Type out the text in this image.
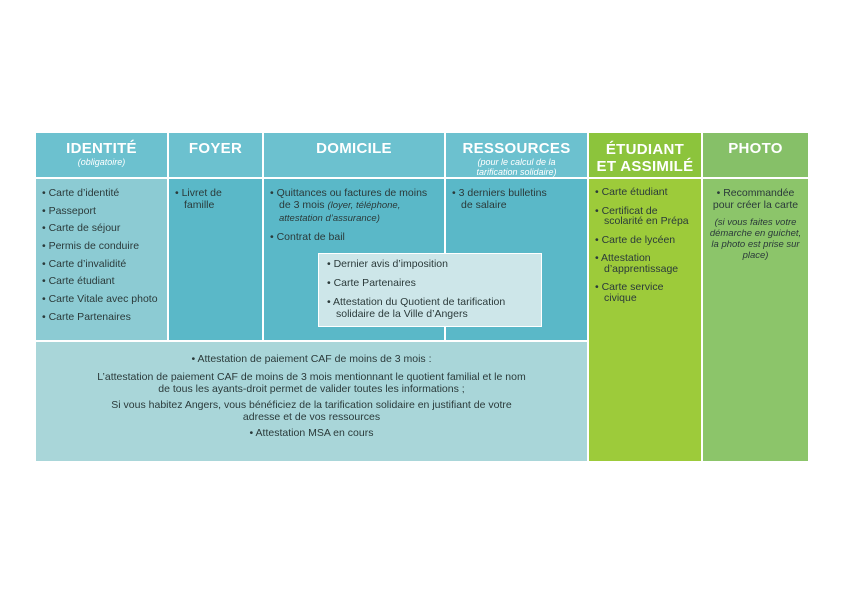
IDENTITÉ
(obligatoire)
FOYER	DOMICILE	RESSOURCES
(pour le calcul de la tarification solidaire)
ÉTUDIANT
ET ASSIMILÉ
PHOTO
• Carte d’identité
• Passeport
• Carte de séjour
• Permis de conduire
• Carte d’invalidité
• Carte étudiant
• Carte Vitale avec photo
• Carte Partenaires
• Livret de famille
• Quittances ou factures de moins de 3 mois (loyer, téléphone, attestation d’assurance)
• Contrat de bail
• 3 derniers bulletins de salaire
• Carte étudiant
• Certificat de scolarité en Prépa
• Carte de lycéen
• Attestation d’apprentissage
• Carte service civique
• Recommandée pour créer la carte
(si vous faites votre démarche en guichet, la photo est prise sur place)
• Attestation de paiement CAF de moins de 3 mois :
L’attestation de paiement CAF de moins de 3 mois mentionnant le quotient familial et le nom de tous les ayants-droit permet de valider toutes les informations ;
Si vous habitez Angers, vous bénéficiez de la tarification solidaire en justifiant de votre adresse et de vos ressources
• Attestation MSA en cours
• Dernier avis d’imposition
• Carte Partenaires
• Attestation du Quotient de tarification solidaire de la Ville d’Angers
